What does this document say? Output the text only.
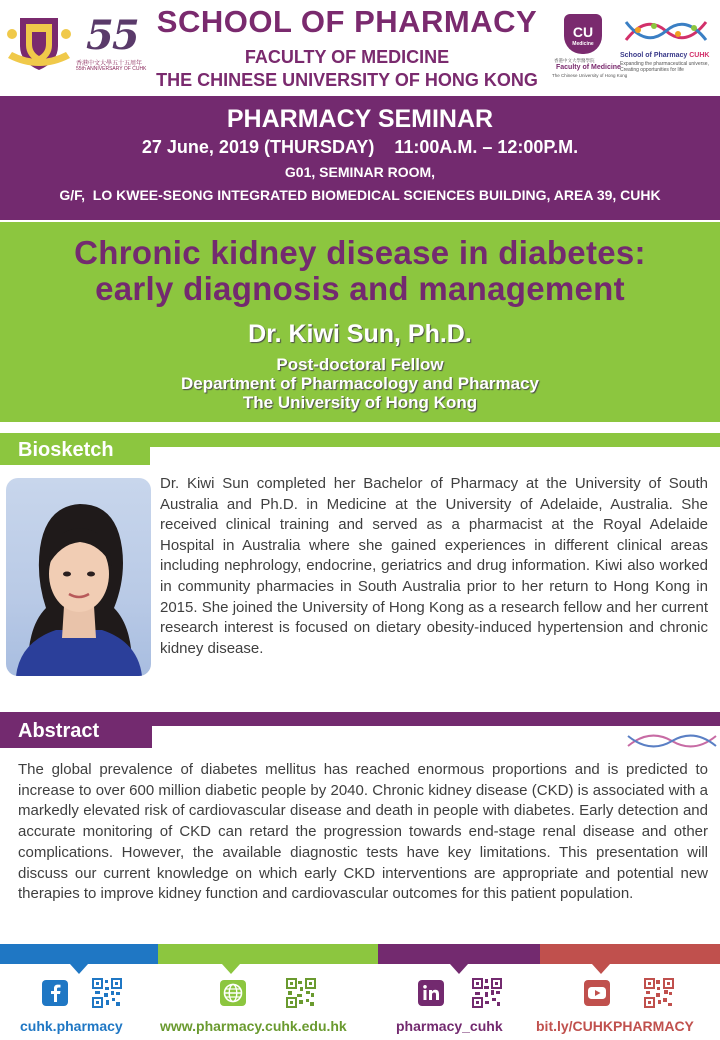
55
香港中文大學五十五周年
55th ANNIVERSARY OF CUHK
SCHOOL OF PHARMACY
FACULTY OF MEDICINE
THE CHINESE UNIVERSITY OF HONG KONG
CU
Medicine
香港中文大學醫學院
Faculty of Medicine
The Chinese University of Hong Kong
School of Pharmacy CUHK
Expanding the pharmaceutical universe,
Creating opportunities for life
PHARMACY SEMINAR
27 June, 2019 (THURSDAY)    11:00A.M. – 12:00P.M.
G01, SEMINAR ROOM,
G/F,  LO KWEE-SEONG INTEGRATED BIOMEDICAL SCIENCES BUILDING, AREA 39, CUHK
Chronic kidney disease in diabetes:
early diagnosis and management
Dr. Kiwi Sun, Ph.D.
Post-doctoral Fellow
Department of Pharmacology and Pharmacy
The University of Hong Kong
Biosketch
Dr. Kiwi Sun completed her Bachelor of Pharmacy at the University of South Australia and Ph.D. in Medicine at the University of Adelaide, Australia. She received clinical training and served as a pharmacist at the Royal Adelaide Hospital in Australia where she gained experiences in different clinical areas including nephrology, endocrine, geriatrics and drug information. Kiwi also worked in community pharmacies in South Australia prior to her return to Hong Kong in 2015. She joined the University of Hong Kong as a research fellow and her current research interest is focused on dietary obesity-induced hypertension and chronic kidney disease.
Abstract
The global prevalence of diabetes mellitus has reached enormous proportions and is predicted to increase to over 600 million diabetic people by 2040. Chronic kidney disease (CKD) is associated with a markedly elevated risk of cardiovascular disease and death in people with diabetes. Early detection and accurate monitoring of CKD can retard the progression towards end-stage renal disease and other complications. However, the available diagnostic tests have key limitations. This presentation will discuss our current knowledge on which early CKD interventions are appropriate and potential new therapies to improve kidney function and cardiovascular outcomes for this patient population.
cuhk.pharmacy	www.pharmacy.cuhk.edu.hk	pharmacy_cuhk bit.ly/CUHKPHARMACY
